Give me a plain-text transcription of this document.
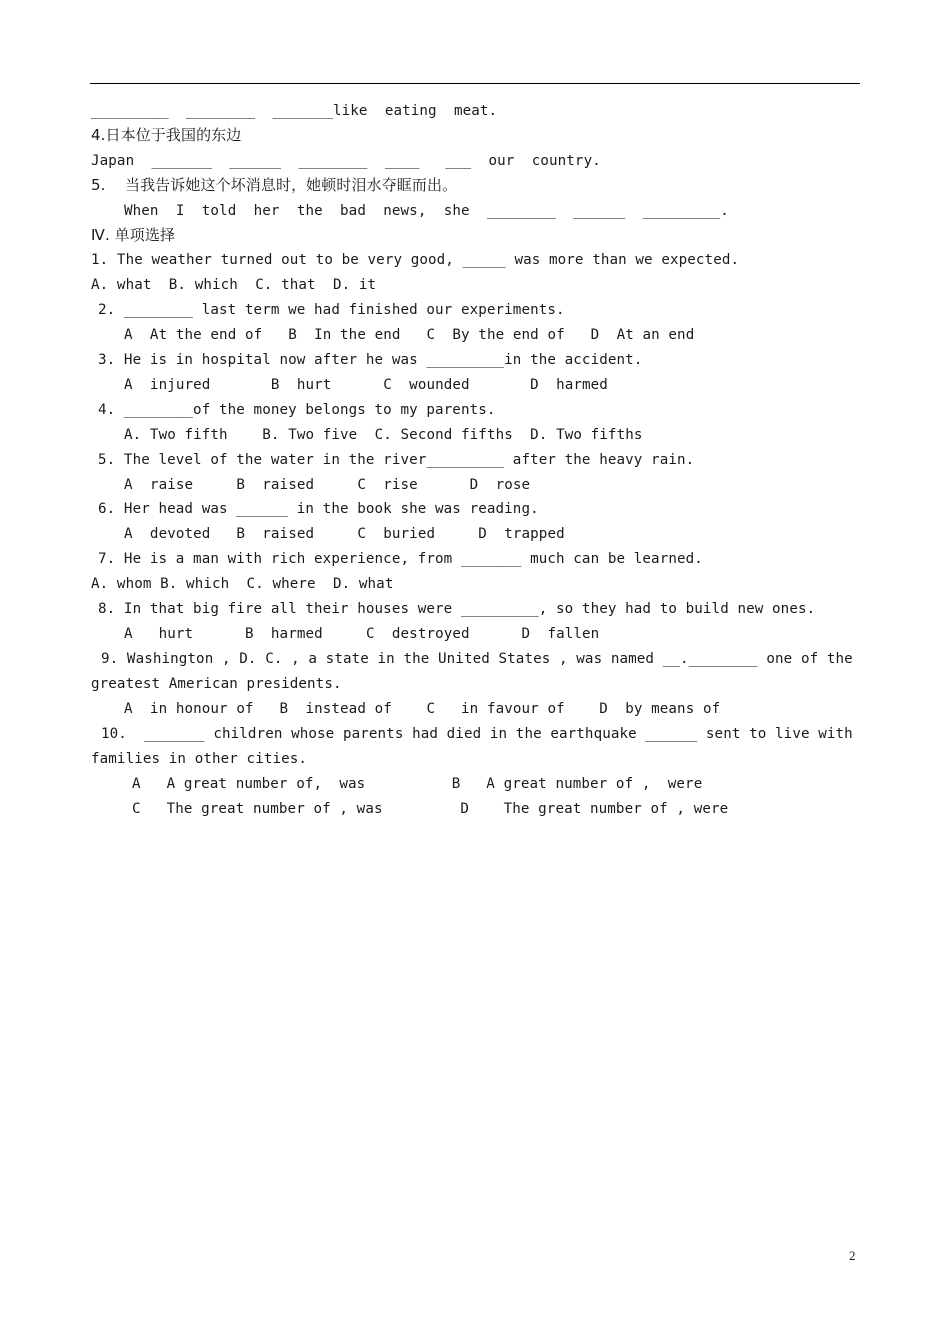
_________  ________  _______like  eating  meat.
4.日本位于我国的东边
Japan  _______  ______  ________  ____   ___  our  country.
5.    当我告诉她这个坏消息时，她顿时泪水夺眶而出。
When  I  told  her  the  bad  news,  she  ________  ______  _________.
Ⅳ. 单项选择
1. The weather turned out to be very good, _____ was more than we expected.
A. what  B. which  C. that  D. it
2. ________ last term we had finished our experiments.
A  At the end of   B  In the end   C  By the end of   D  At an end
3. He is in hospital now after he was _________in the accident.
A  injured       B  hurt      C  wounded       D  harmed
4. ________of the money belongs to my parents.
A. Two fifth    B. Two five  C. Second fifths  D. Two fifths
5. The level of the water in the river_________ after the heavy rain.
A  raise     B  raised     C  rise      D  rose
6. Her head was ______ in the book she was reading.
A  devoted   B  raised     C  buried     D  trapped
7. He is a man with rich experience, from _______ much can be learned.
A. whom B. which  C. where  D. what
8. In that big fire all their houses were _________, so they had to build new ones.
A   hurt      B  harmed     C  destroyed      D  fallen
9. Washington , D. C. , a state in the United States , was named __.________ one of the
greatest American presidents.
A  in honour of   B  instead of    C   in favour of    D  by means of
10.  _______ children whose parents had died in the earthquake ______ sent to live with
families in other cities.
A   A great number of,  was          B   A great number of ,  were
C   The great number of , was         D    The great number of , were
2
